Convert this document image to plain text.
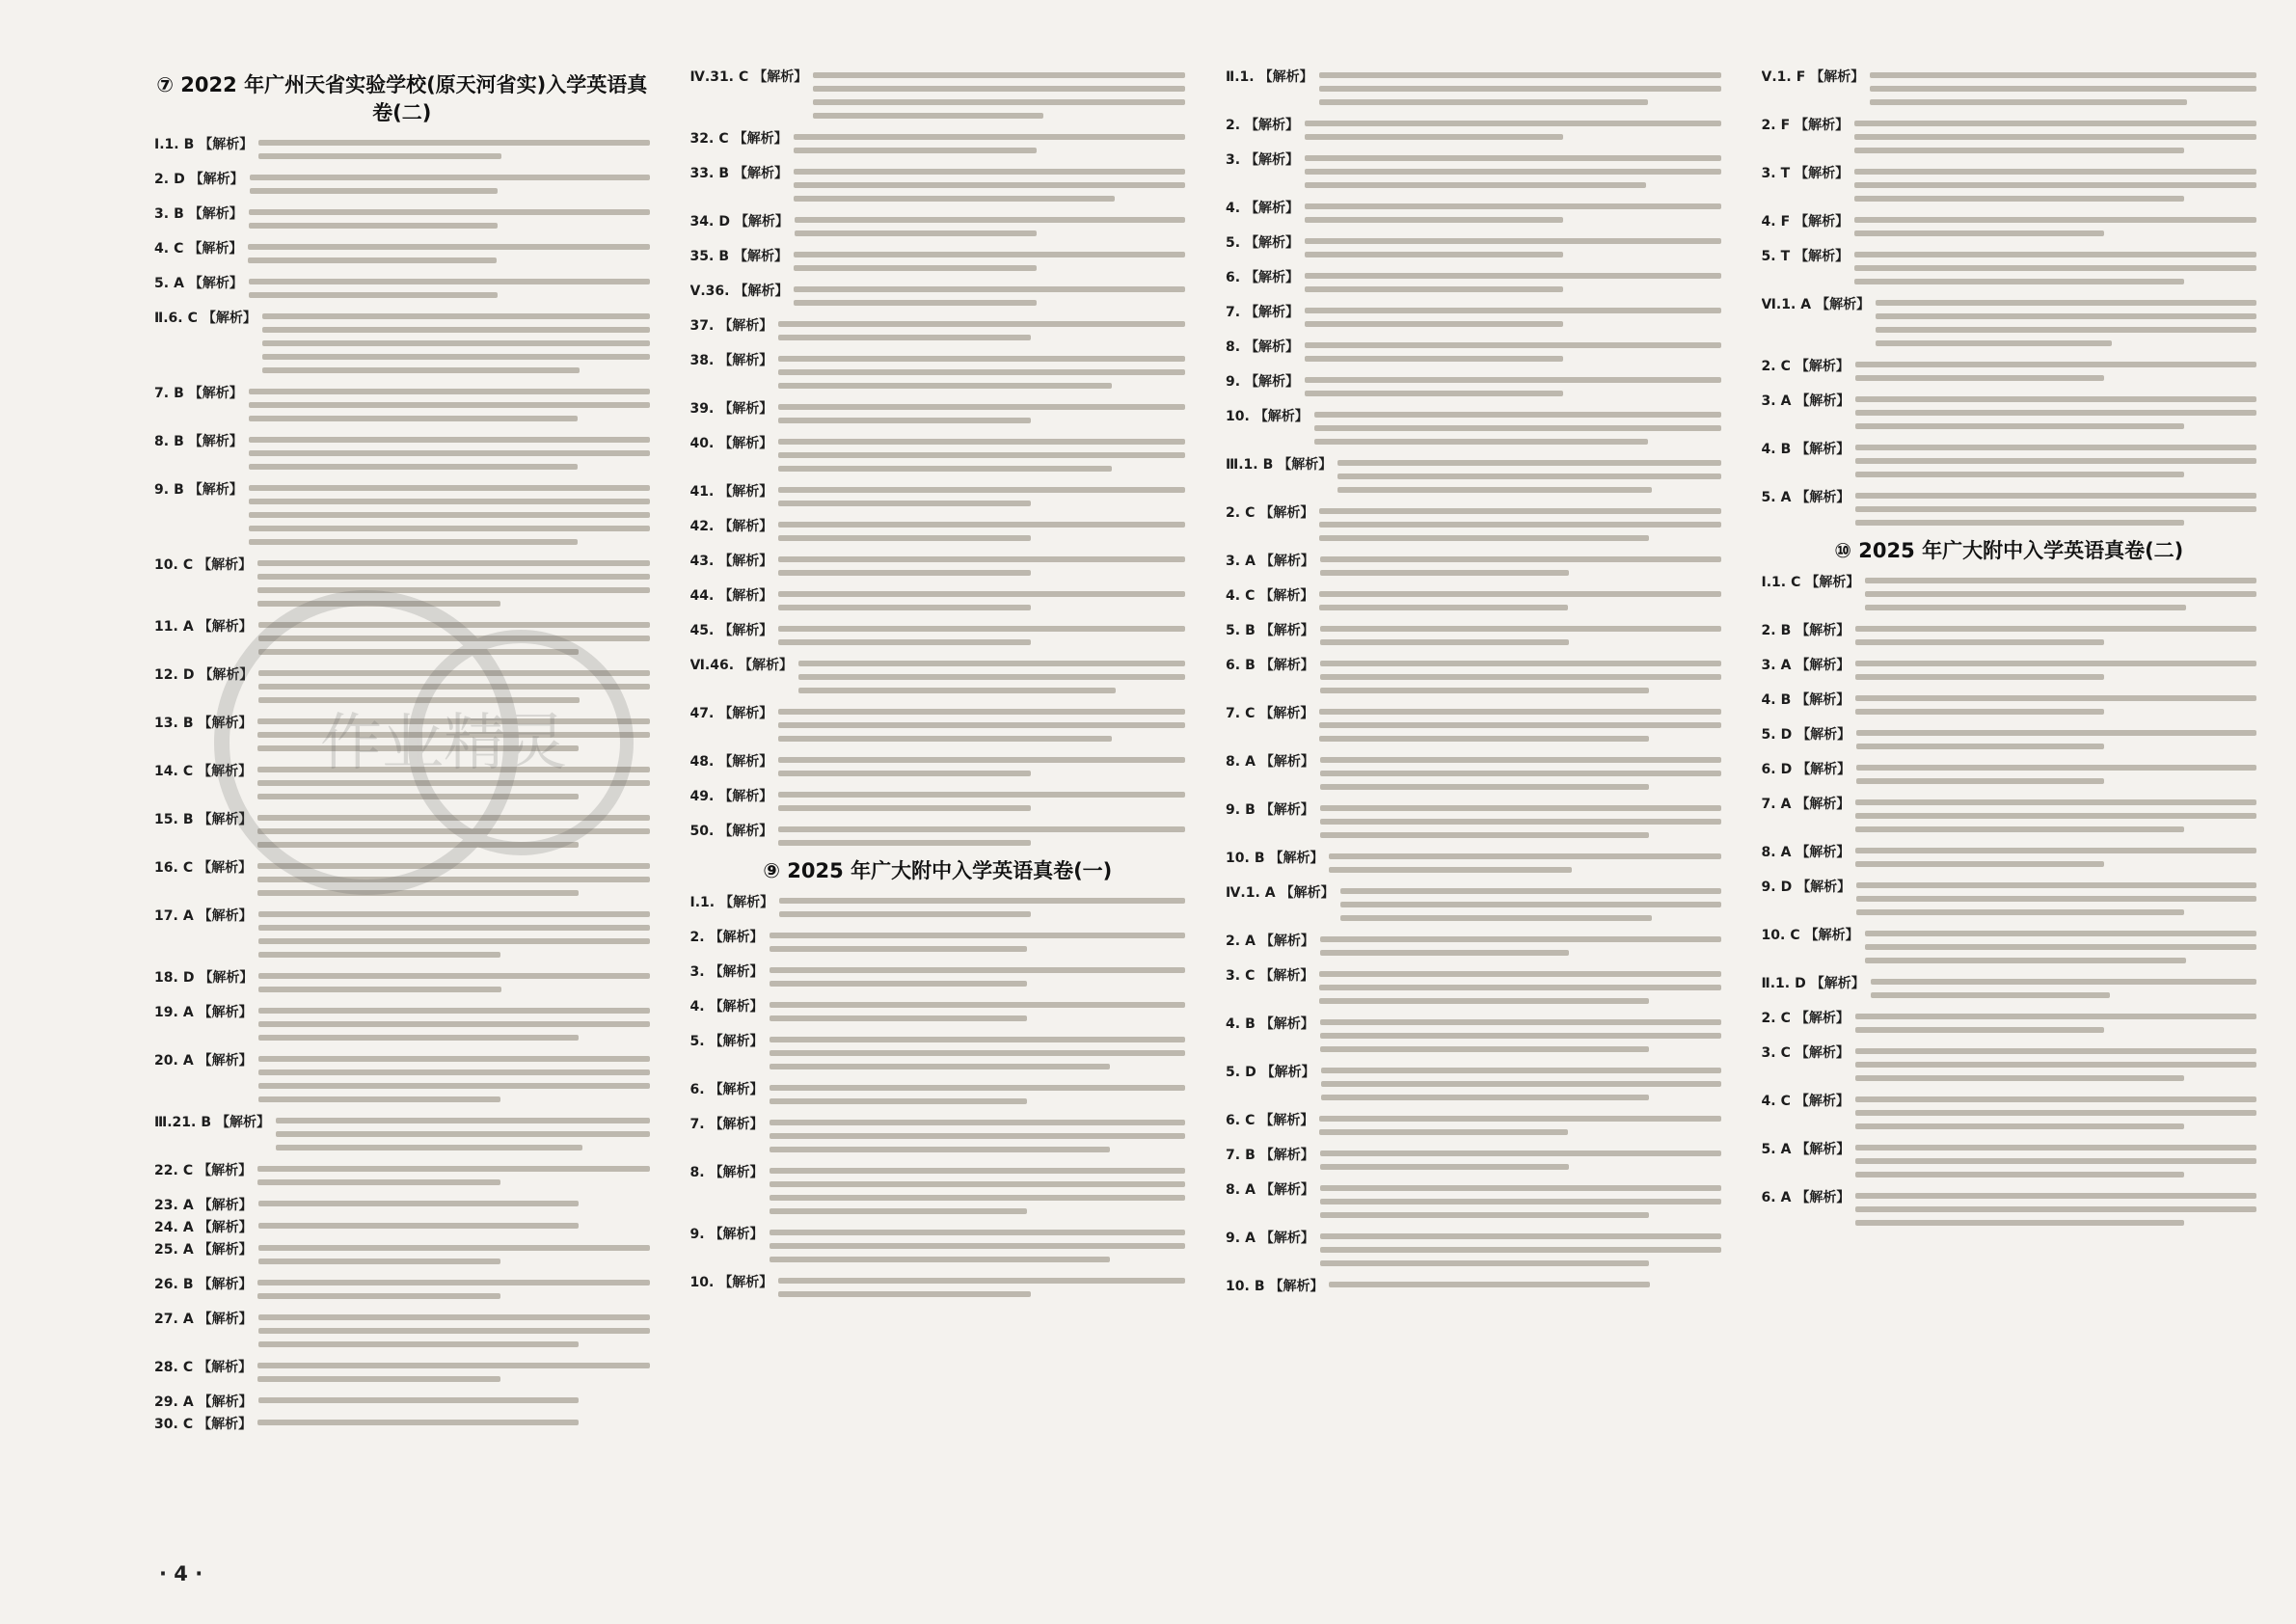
⑦ 2022 年广州天省实验学校(原天河省实)入学英语真卷(二)
Ⅰ.1. B 【解析】
2. D 【解析】
3. B 【解析】
4. C 【解析】
5. A 【解析】
Ⅱ.6. C 【解析】
7. B 【解析】
8. B 【解析】
9. B 【解析】
10. C 【解析】
11. A 【解析】
12. D 【解析】
13. B 【解析】
14. C 【解析】
15. B 【解析】
16. C 【解析】
17. A 【解析】
18. D 【解析】
19. A 【解析】
20. A 【解析】
Ⅲ.21. B 【解析】
22. C 【解析】
23. A 【解析】
24. A 【解析】
25. A 【解析】
26. B 【解析】
27. A 【解析】
28. C 【解析】
29. A 【解析】
30. C 【解析】
Ⅳ.31. C 【解析】
32. C 【解析】
33. B 【解析】
34. D 【解析】
35. B 【解析】
Ⅴ.36. 【解析】
37. 【解析】
38. 【解析】
39. 【解析】
40. 【解析】
41. 【解析】
42. 【解析】
43. 【解析】
44. 【解析】
45. 【解析】
Ⅵ.46. 【解析】
47. 【解析】
48. 【解析】
49. 【解析】
50. 【解析】
⑨ 2025 年广大附中入学英语真卷(一)
Ⅰ.1. 【解析】
2. 【解析】
3. 【解析】
4. 【解析】
5. 【解析】
6. 【解析】
7. 【解析】
8. 【解析】
9. 【解析】
10. 【解析】
Ⅱ.1. 【解析】
2. 【解析】
3. 【解析】
4. 【解析】
5. 【解析】
6. 【解析】
7. 【解析】
8. 【解析】
9. 【解析】
10. 【解析】
Ⅲ.1. B 【解析】
2. C 【解析】
3. A 【解析】
4. C 【解析】
5. B 【解析】
6. B 【解析】
7. C 【解析】
8. A 【解析】
9. B 【解析】
10. B 【解析】
Ⅳ.1. A 【解析】
2. A 【解析】
3. C 【解析】
4. B 【解析】
5. D 【解析】
6. C 【解析】
7. B 【解析】
8. A 【解析】
9. A 【解析】
10. B 【解析】
Ⅴ.1. F 【解析】
2. F 【解析】
3. T 【解析】
4. F 【解析】
5. T 【解析】
Ⅵ.1. A 【解析】
2. C 【解析】
3. A 【解析】
4. B 【解析】
5. A 【解析】
⑩ 2025 年广大附中入学英语真卷(二)
Ⅰ.1. C 【解析】
2. B 【解析】
3. A 【解析】
4. B 【解析】
5. D 【解析】
6. D 【解析】
7. A 【解析】
8. A 【解析】
9. D 【解析】
10. C 【解析】
Ⅱ.1. D 【解析】
2. C 【解析】
3. C 【解析】
4. C 【解析】
5. A 【解析】
6. A 【解析】
作业精灵
· 4 ·
